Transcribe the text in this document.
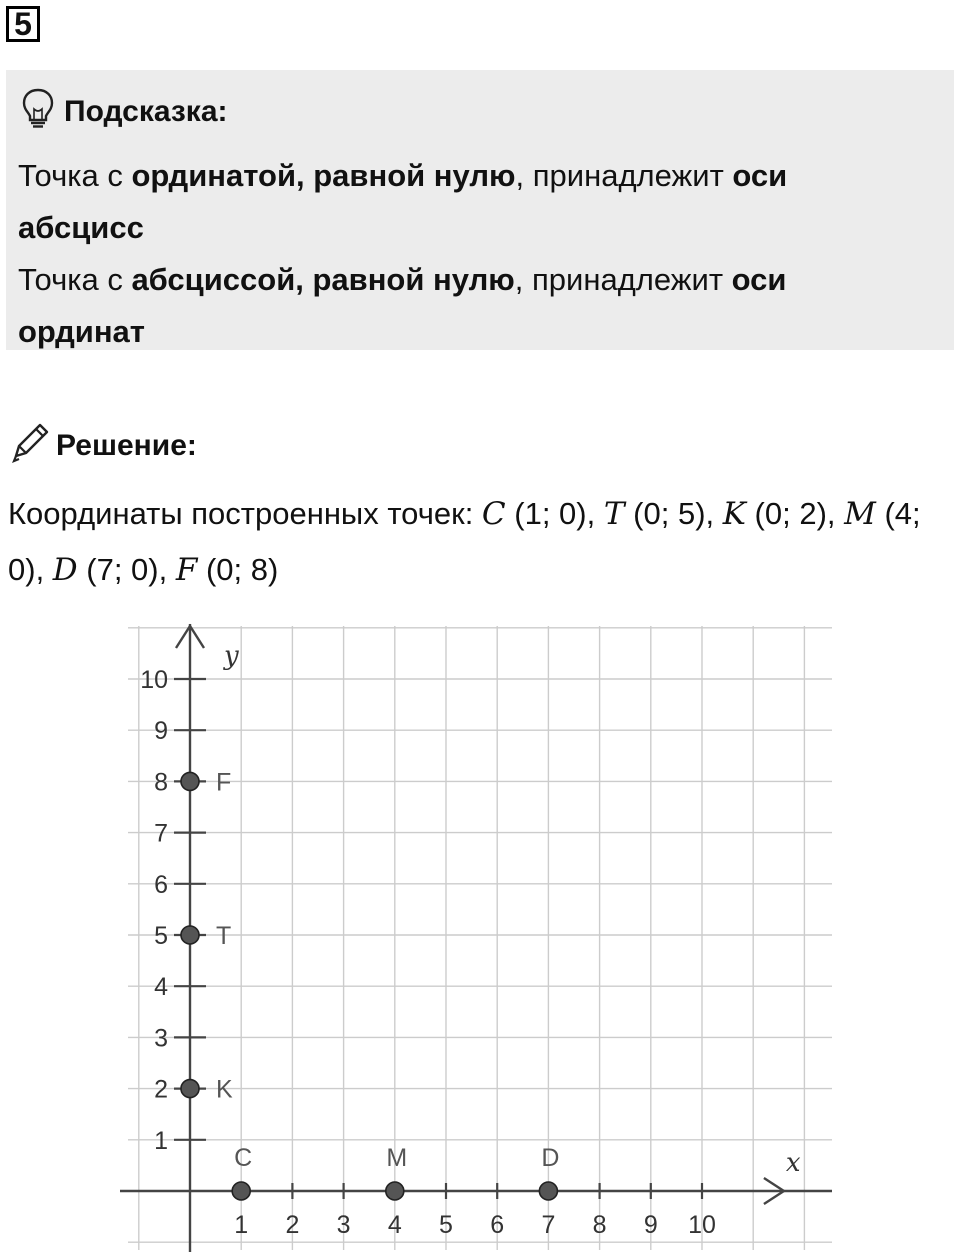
5
Подсказка:
Точка с ординатой, равной нулю, принадлежит оси абсцисс
Точка с абсциссой, равной нулю, принадлежит оси ординат
Решение:
Координаты построенных точек: C (1; 0), T (0; 5), K (0; 2), M (4; 0), D (7; 0), F (0; 8)
x
y
1 2 3 4 5 6 7 8 9 10
1
2
3
4
5
6
7
8
9
10
C
T
K
M	D
F
